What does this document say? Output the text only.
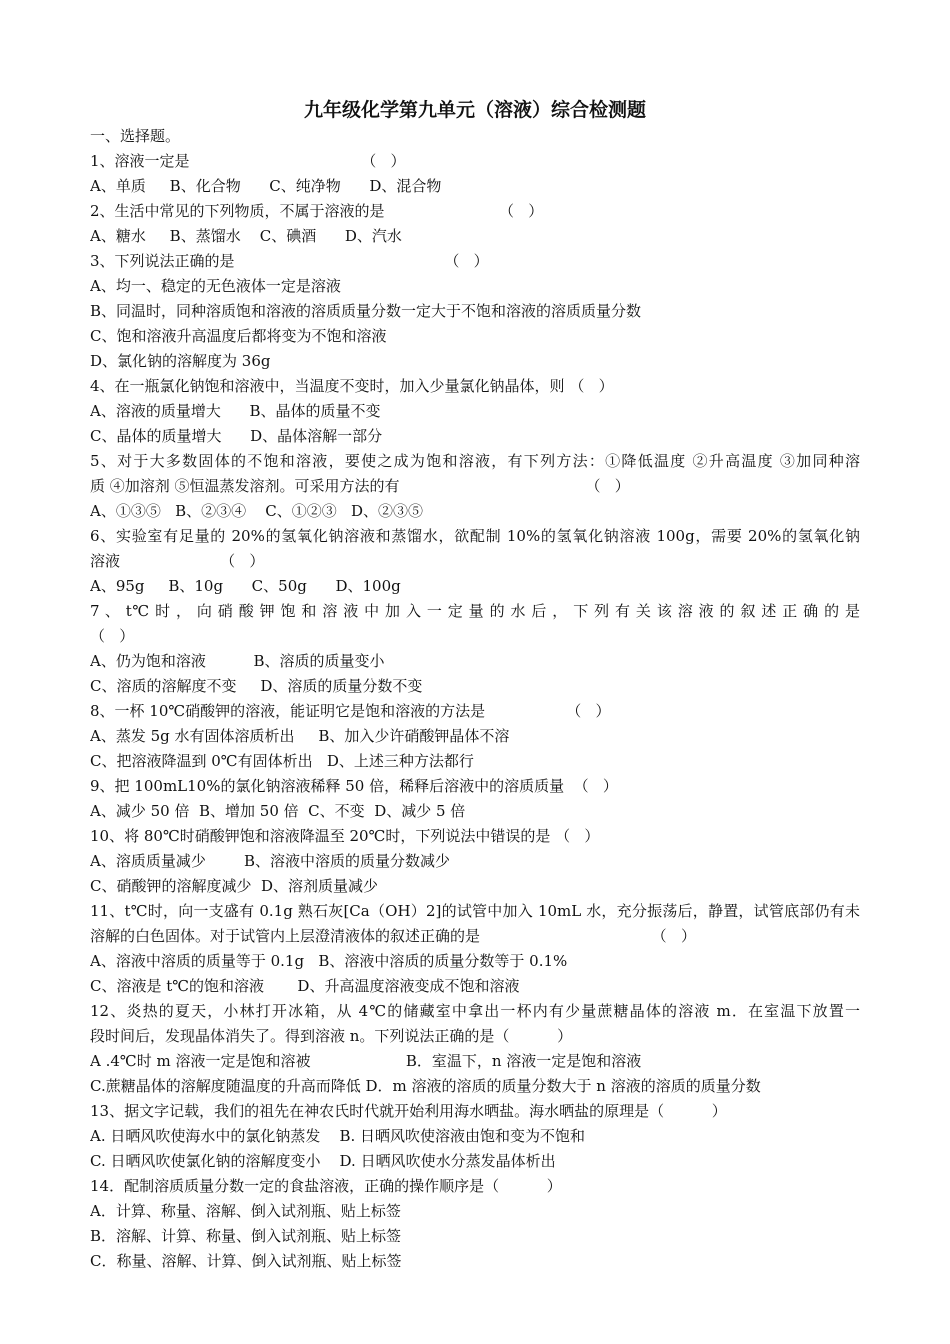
九年级化学第九单元（溶液）综合检测题
一、选择题。
1、溶液一定是                                    （   ）
A、单质     B、化合物      C、纯净物      D、混合物
2、生活中常见的下列物质，不属于溶液的是                        （   ）
A、糖水     B、蒸馏水    C、碘酒      D、汽水
3、下列说法正确的是                                            （   ）
A、均一、稳定的无色液体一定是溶液
B、同温时，同种溶质饱和溶液的溶质质量分数一定大于不饱和溶液的溶质质量分数
C、饱和溶液升高温度后都将变为不饱和溶液
D、氯化钠的溶解度为 36g
4、在一瓶氯化钠饱和溶液中，当温度不变时，加入少量氯化钠晶体，则 （   ）
A、溶液的质量增大      B、晶体的质量不变
C、晶体的质量增大      D、晶体溶解一部分
5、对于大多数固体的不饱和溶液，要使之成为饱和溶液，有下列方法：①降低温度 ②升高温度 ③加同种溶
质 ④加溶剂 ⑤恒温蒸发溶剂。可采用方法的有                                       （   ）
A、①③⑤   B、②③④    C、①②③   D、②③⑤
6、实验室有足量的 20%的氢氧化钠溶液和蒸馏水，欲配制 10%的氢氧化钠溶液 100g，需要 20%的氢氧化钠
溶液                     （   ）
A、95g     B、10g      C、50g      D、100g
7 、 t℃ 时 ， 向 硝 酸 钾 饱 和 溶 液 中 加 入 一 定 量 的 水 后 ， 下 列 有 关 该 溶 液 的 叙 述 正 确 的 是
（   ）
A、仍为饱和溶液          B、溶质的质量变小
C、溶质的溶解度不变     D、溶质的质量分数不变
8、一杯 10℃硝酸钾的溶液，能证明它是饱和溶液的方法是                 （   ）
A、蒸发 5g 水有固体溶质析出     B、加入少许硝酸钾晶体不溶
C、把溶液降温到 0℃有固体析出   D、上述三种方法都行
9、把 100mL10%的氯化钠溶液稀释 50 倍，稀释后溶液中的溶质质量  （   ）
A、减少 50 倍  B、增加 50 倍  C、不变  D、减少 5 倍
10、将 80℃时硝酸钾饱和溶液降温至 20℃时，下列说法中错误的是 （   ）
A、溶质质量减少        B、溶液中溶质的质量分数减少
C、硝酸钾的溶解度减少  D、溶剂质量减少
11、t℃时，向一支盛有 0.1g 熟石灰[Ca（OH）2]的试管中加入 10mL 水，充分振荡后，静置，试管底部仍有未
溶解的白色固体。对于试管内上层澄清液体的叙述正确的是                                    （   ）
A、溶液中溶质的质量等于 0.1g   B、溶液中溶质的质量分数等于 0.1%
C、溶液是 t℃的饱和溶液       D、升高温度溶液变成不饱和溶液
12、炎热的夏天，小林打开冰箱，从 4℃的储藏室中拿出一杯内有少量蔗糖晶体的溶液 m．在室温下放置一
段时间后，发现晶体消失了。得到溶液 n。下列说法正确的是（          ）
A .4℃时 m 溶液一定是饱和溶被                    B．室温下，n 溶液一定是饱和溶液
C.蔗糖晶体的溶解度随温度的升高而降低 D．m 溶液的溶质的质量分数大于 n 溶液的溶质的质量分数
13、据文字记载，我们的祖先在神农氏时代就开始利用海水晒盐。海水晒盐的原理是（          ）
A. 日晒风吹使海水中的氯化钠蒸发    B. 日晒风吹使溶液由饱和变为不饱和
C. 日晒风吹使氯化钠的溶解度变小    D. 日晒风吹使水分蒸发晶体析出
14．配制溶质质量分数一定的食盐溶液，正确的操作顺序是（          ）
A．计算、称量、溶解、倒入试剂瓶、贴上标签
B．溶解、计算、称量、倒入试剂瓶、贴上标签
C．称量、溶解、计算、倒入试剂瓶、贴上标签
